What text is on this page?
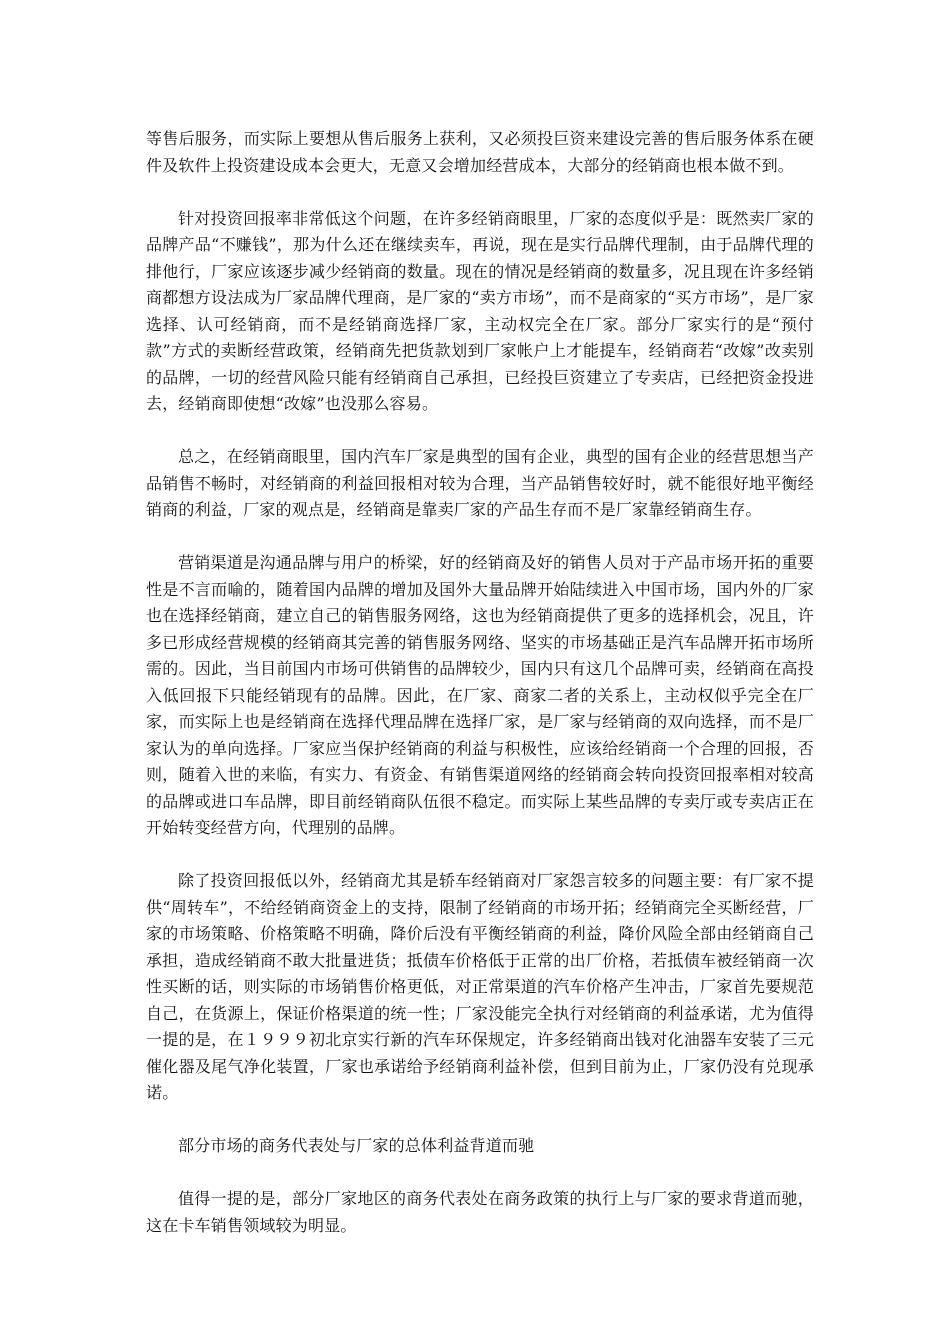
等售后服务，而实际上要想从售后服务上获利，又必须投巨资来建设完善的售后服务体系在硬件及软件上投资建设成本会更大，无意又会增加经营成本，大部分的经销商也根本做不到。

针对投资回报率非常低这个问题，在许多经销商眼里，厂家的态度似乎是：既然卖厂家的品牌产品“不赚钱”，那为什么还在继续卖车，再说，现在是实行品牌代理制，由于品牌代理的排他行，厂家应该逐步减少经销商的数量。现在的情况是经销商的数量多，况且现在许多经销商都想方设法成为厂家品牌代理商，是厂家的“卖方市场”，而不是商家的“买方市场”，是厂家选择、认可经销商，而不是经销商选择厂家，主动权完全在厂家。部分厂家实行的是“预付款”方式的卖断经营政策，经销商先把货款划到厂家帐户上才能提车，经销商若“改嫁”改卖别的品牌，一切的经营风险只能有经销商自己承担，已经投巨资建立了专卖店，已经把资金投进去，经销商即使想“改嫁”也没那么容易。

总之，在经销商眼里，国内汽车厂家是典型的国有企业，典型的国有企业的经营思想当产品销售不畅时，对经销商的利益回报相对较为合理，当产品销售较好时，就不能很好地平衡经销商的利益，厂家的观点是，经销商是靠卖厂家的产品生存而不是厂家靠经销商生存。

营销渠道是沟通品牌与用户的桥梁，好的经销商及好的销售人员对于产品市场开拓的重要性是不言而喻的，随着国内品牌的增加及国外大量品牌开始陆续进入中国市场，国内外的厂家也在选择经销商，建立自己的销售服务网络，这也为经销商提供了更多的选择机会，况且，许多已形成经营规模的经销商其完善的销售服务网络、坚实的市场基础正是汽车品牌开拓市场所需的。因此，当目前国内市场可供销售的品牌较少，国内只有这几个品牌可卖，经销商在高投入低回报下只能经销现有的品牌。因此，在厂家、商家二者的关系上，主动权似乎完全在厂家，而实际上也是经销商在选择代理品牌在选择厂家，是厂家与经销商的双向选择，而不是厂家认为的单向选择。厂家应当保护经销商的利益与积极性，应该给经销商一个合理的回报，否则，随着入世的来临，有实力、有资金、有销售渠道网络的经销商会转向投资回报率相对较高的品牌或进口车品牌，即目前经销商队伍很不稳定。而实际上某些品牌的专卖厅或专卖店正在开始转变经营方向，代理别的品牌。

除了投资回报低以外，经销商尤其是轿车经销商对厂家怨言较多的问题主要：有厂家不提供“周转车”，不给经销商资金上的支持，限制了经销商的市场开拓；经销商完全买断经营，厂家的市场策略、价格策略不明确，降价后没有平衡经销商的利益，降价风险全部由经销商自己承担，造成经销商不敢大批量进货；抵债车价格低于正常的出厂价格，若抵债车被经销商一次性买断的话，则实际的市场销售价格更低，对正常渠道的汽车价格产生冲击，厂家首先要规范自己，在货源上，保证价格渠道的统一性；厂家没能完全执行对经销商的利益承诺，尤为值得一提的是，在１９９９初北京实行新的汽车环保规定，许多经销商出钱对化油器车安装了三元催化器及尾气净化装置，厂家也承诺给予经销商利益补偿，但到目前为止，厂家仍没有兑现承诺。

部分市场的商务代表处与厂家的总体利益背道而驰

值得一提的是，部分厂家地区的商务代表处在商务政策的执行上与厂家的要求背道而驰，这在卡车销售领域较为明显。
